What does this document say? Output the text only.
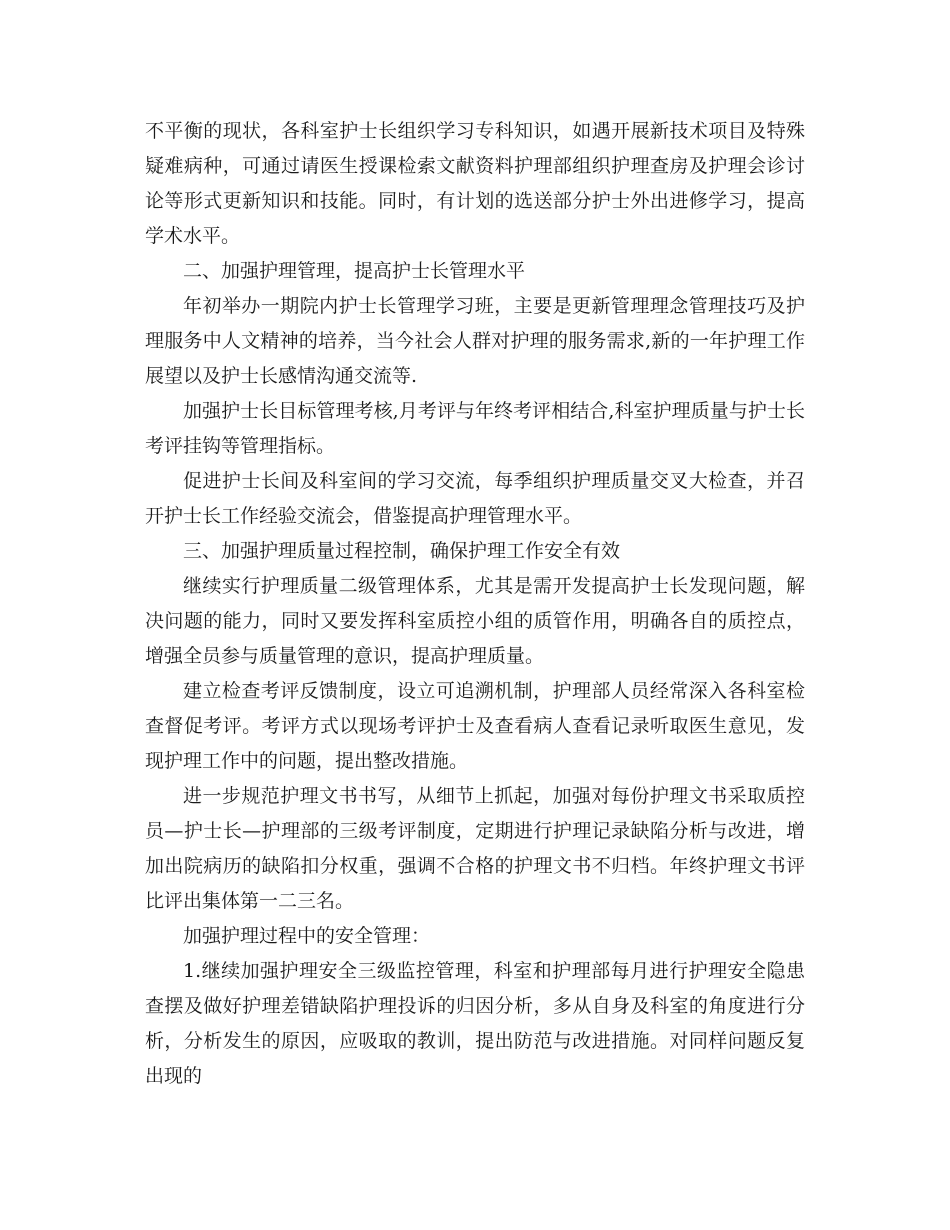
不平衡的现状，各科室护士长组织学习专科知识，如遇开展新技术项目及特殊疑难病种，可通过请医生授课检索文献资料护理部组织护理查房及护理会诊讨论等形式更新知识和技能。同时，有计划的选送部分护士外出进修学习，提高学术水平。

二、加强护理管理，提高护士长管理水平

年初举办一期院内护士长管理学习班，主要是更新管理理念管理技巧及护理服务中人文精神的培养，当今社会人群对护理的服务需求,新的一年护理工作展望以及护士长感情沟通交流等.

加强护士长目标管理考核,月考评与年终考评相结合,科室护理质量与护士长考评挂钩等管理指标。

促进护士长间及科室间的学习交流，每季组织护理质量交叉大检查，并召开护士长工作经验交流会，借鉴提高护理管理水平。

三、加强护理质量过程控制，确保护理工作安全有效

继续实行护理质量二级管理体系，尤其是需开发提高护士长发现问题，解决问题的能力，同时又要发挥科室质控小组的质管作用，明确各自的质控点，增强全员参与质量管理的意识，提高护理质量。

建立检查考评反馈制度，设立可追溯机制，护理部人员经常深入各科室检查督促考评。考评方式以现场考评护士及查看病人查看记录听取医生意见，发现护理工作中的问题，提出整改措施。

进一步规范护理文书书写，从细节上抓起，加强对每份护理文书采取质控员—护士长—护理部的三级考评制度，定期进行护理记录缺陷分析与改进，增加出院病历的缺陷扣分权重，强调不合格的护理文书不归档。年终护理文书评比评出集体第一二三名。

加强护理过程中的安全管理：

1.继续加强护理安全三级监控管理，科室和护理部每月进行护理安全隐患查摆及做好护理差错缺陷护理投诉的归因分析，多从自身及科室的角度进行分析，分析发生的原因，应吸取的教训，提出防范与改进措施。对同样问题反复出现的
